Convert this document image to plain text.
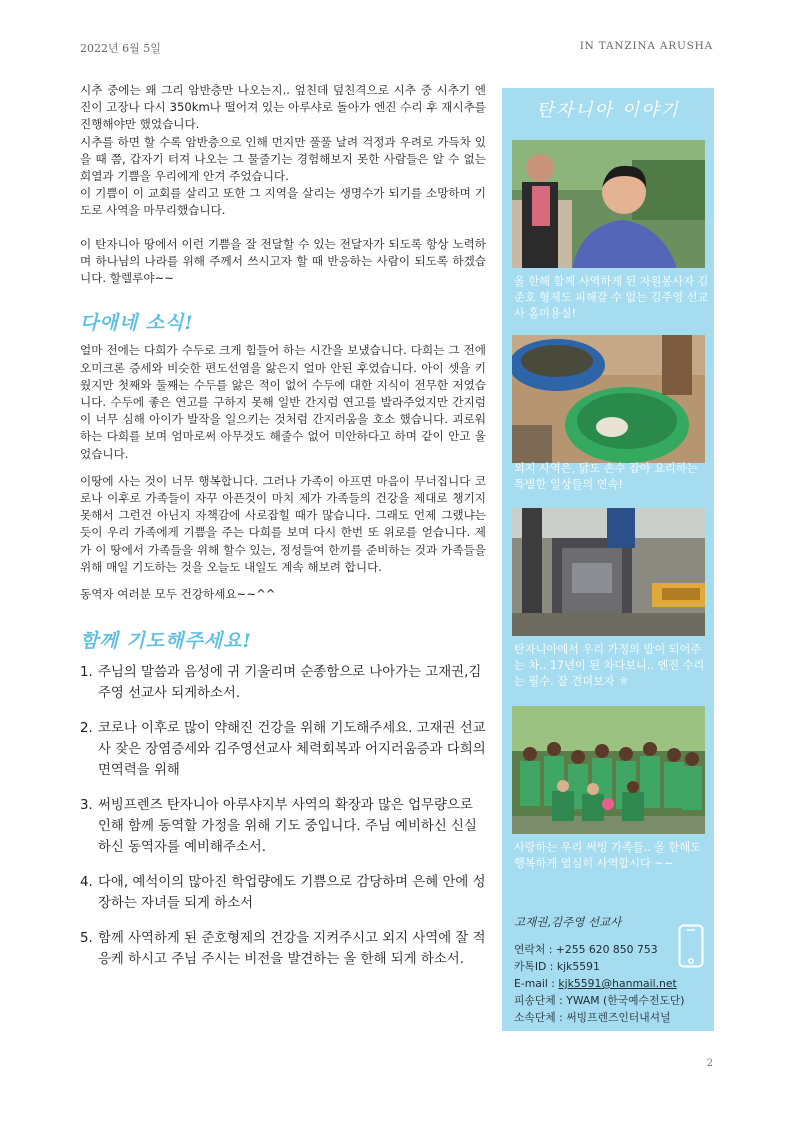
2022년 6월 5일	IN TANZINA ARUSHA

시추 중에는 왜 그리 암반층만 나오는지.. 엎친데 덮친격으로 시추 중 시추기 엔진이 고장나 다시 350km나 떨어져 있는 아루샤로 돌아가 엔진 수리 후 재시추를 진행해야만 했었습니다.

시추를 하면 할 수록 암반층으로 인해 먼지만 풀풀 날려 걱정과 우려로 가득차 있을 때 쯤, 갑자기 터져 나오는 그 물줄기는 경험해보지 못한 사람들은 알 수 없는 희열과 기쁨을 우리에게 안겨 주었습니다.

이 기쁨이 이 교회를 살리고 또한 그 지역을 살리는 생명수가 되기를 소망하며 기도로 사역을 마무리했습니다.

이 탄자니아 땅에서 이런 기쁨을 잘 전달할 수 있는 전달자가 되도록 항상 노력하며 하나님의 나라를 위해 주께서 쓰시고자 할 때 반응하는 사람이 되도록 하겠습니다. 할렐루야~~

다애네 소식!

얼마 전에는 다희가 수두로 크게 힘들어 하는 시간을 보냈습니다. 다희는 그 전에 오미크론 증세와 비슷한 편도선염을 앓은지 얼마 안된 후였습니다. 아이 셋을 키웠지만 첫째와 둘째는 수두를 앓은 적이 없어 수두에 대한 지식이 전무한 저였습니다. 수두에 좋은 연고를 구하지 못해 일반 간지럼 연고를 발라주었지만 간지럼이 너무 심해 아이가 발작을 일으키는 것처럼 간지러움을 호소 했습니다. 괴로워 하는 다희를 보며 엄마로써 아무것도 해줄수 없어 미안하다고 하며 같이 안고 울었습니다.

이땅에 사는 것이 너무 행복합니다. 그러나 가족이 아프면 마음이 무너집니다 코로나 이후로 가족들이 자꾸 아픈것이 마치 제가 가족들의 건강을 제대로 챙기지 못해서 그런건 아닌지 자책감에 사로잡힐 때가 많습니다. 그래도 언제 그랬냐는 듯이 우리 가족에게 기쁨을 주는 다희를 보며 다시 한번 또 위로를 얻습니다. 제가 이 땅에서 가족들을 위해 할수 있는, 정성들여 한끼를 준비하는 것과 가족들을 위해 매일 기도하는 것을 오늘도 내일도 계속 해보려 합니다.

동역자 여러분 모두 건강하세요~~^^

함께 기도해주세요!
1. 주님의 말씀과 음성에 귀 기울리며 순종함으로 나아가는 고재권,김주영 선교사 되게하소서.
2. 코로나 이후로 많이 약해진 건강을 위해 기도해주세요. 고재권 선교사 잦은 장염증세와 김주영선교사 체력회복과 어지러움증과 다희의 면역력을 위해
3. 써빙프렌즈 탄자니아 아루샤지부 사역의 확장과 많은 업무량으로 인해 함께 동역할 가정을 위해 기도 중입니다. 주님 예비하신 신실하신 동역자를 예비해주소서.
4. 다애, 예석이의 많아진 학업량에도 기쁨으로 감당하며 은혜 안에 성장하는 자녀들 되게 하소서
5. 함께 사역하게 된 준호형제의 건강을 지켜주시고 외지 사역에 잘 적응케 하시고 주님 주시는 비전을 발견하는 올 한해 되게 하소서.
탄자니아 이야기
올 한해 함께 사역하게 된 자원봉사자 김준호 형제도 피해갈 수 없는 김주영 선교사 홈미용실!
외지 사역은, 닭도 손수 잡아 요리하는 특별한 일상들의 연속!
탄자니아에서 우리 가정의 발이 되어주는 차.. 17년이 된 차다보니.. 엔진 수리는 필수. 잘 견뎌보자 ㅎ
사랑하는 우리 써빙 가족들.. 올 한해도 행복하게 열심히 사역합시다 ~~
고재권,김주영 선교사
연락처 : +255 620 850 753
카톡ID : kjk5591
E-mail : kjk5591@hanmail.net
피송단체 : YWAM (한국예수전도단)
소속단체 : 써빙프렌즈인터내셔널
2
